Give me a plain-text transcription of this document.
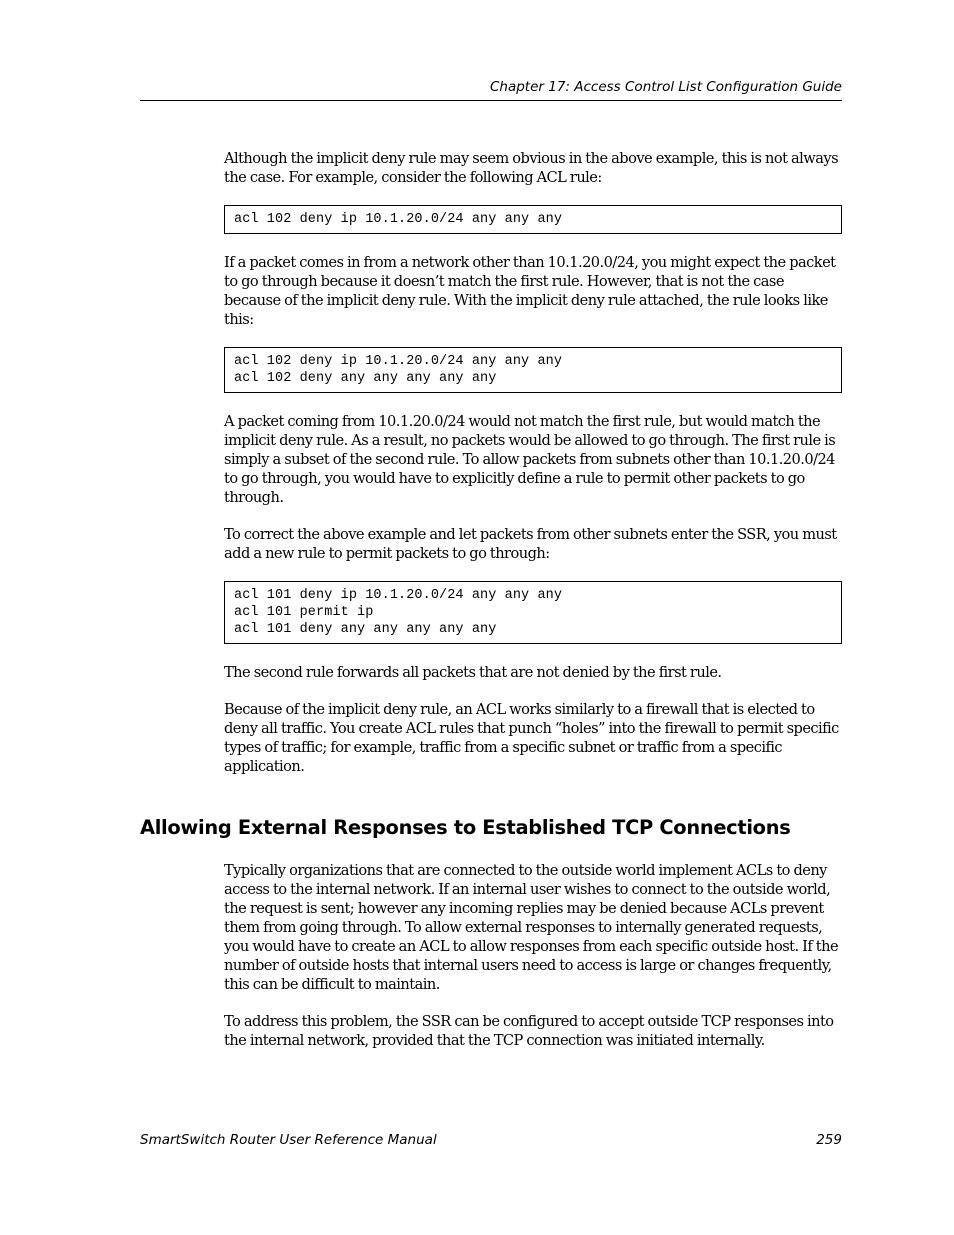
Chapter 17: Access Control List Configuration Guide

Although the implicit deny rule may seem obvious in the above example, this is not always the case. For example, consider the following ACL rule:

acl 102 deny ip 10.1.20.0/24 any any any

If a packet comes in from a network other than 10.1.20.0/24, you might expect the packet to go through because it doesn’t match the first rule. However, that is not the case because of the implicit deny rule. With the implicit deny rule attached, the rule looks like this:

acl 102 deny ip 10.1.20.0/24 any any any
acl 102 deny any any any any any

A packet coming from 10.1.20.0/24 would not match the first rule, but would match the implicit deny rule. As a result, no packets would be allowed to go through. The first rule is simply a subset of the second rule. To allow packets from subnets other than 10.1.20.0/24 to go through, you would have to explicitly define a rule to permit other packets to go through.

To correct the above example and let packets from other subnets enter the SSR, you must add a new rule to permit packets to go through:

acl 101 deny ip 10.1.20.0/24 any any any
acl 101 permit ip
acl 101 deny any any any any any

The second rule forwards all packets that are not denied by the first rule.

Because of the implicit deny rule, an ACL works similarly to a firewall that is elected to deny all traffic. You create ACL rules that punch “holes” into the firewall to permit specific types of traffic; for example, traffic from a specific subnet or traffic from a specific application.

Allowing External Responses to Established TCP Connections

Typically organizations that are connected to the outside world implement ACLs to deny access to the internal network. If an internal user wishes to connect to the outside world, the request is sent; however any incoming replies may be denied because ACLs prevent them from going through. To allow external responses to internally generated requests, you would have to create an ACL to allow responses from each specific outside host. If the number of outside hosts that internal users need to access is large or changes frequently, this can be difficult to maintain.

To address this problem, the SSR can be configured to accept outside TCP responses into the internal network, provided that the TCP connection was initiated internally.

SmartSwitch Router User Reference Manual	259
